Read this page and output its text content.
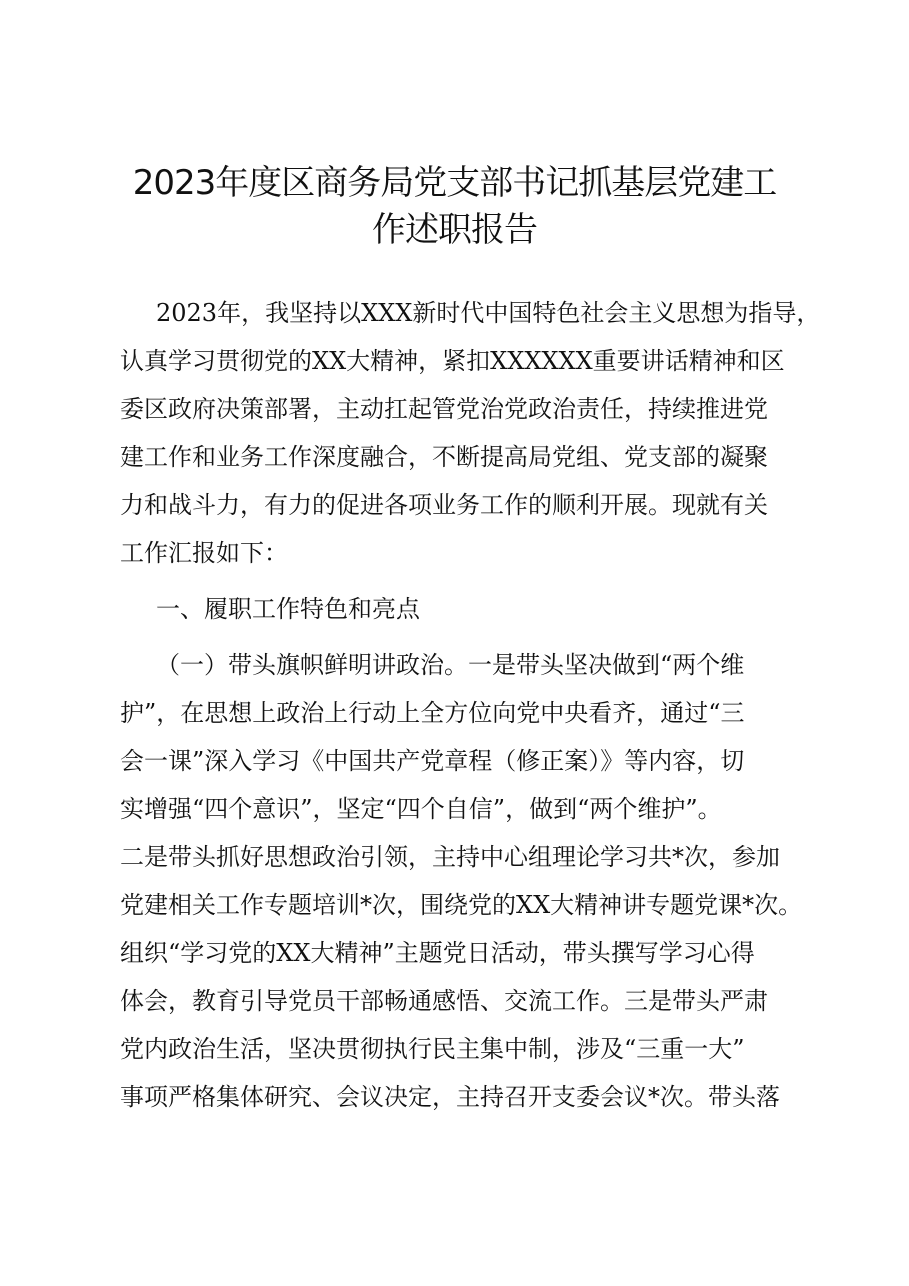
2023年度区商务局党支部书记抓基层党建工
作述职报告
2023年，我坚持以XXX新时代中国特色社会主义思想为指导，
认真学习贯彻党的XX大精神，紧扣XXXXXX重要讲话精神和区
委区政府决策部署，主动扛起管党治党政治责任，持续推进党
建工作和业务工作深度融合，不断提高局党组、党支部的凝聚
力和战斗力，有力的促进各项业务工作的顺利开展。现就有关
工作汇报如下：
一、履职工作特色和亮点
（一）带头旗帜鲜明讲政治。一是带头坚决做到“两个维
护”，在思想上政治上行动上全方位向党中央看齐，通过“三
会一课”深入学习《中国共产党章程（修正案）》等内容，切
实增强“四个意识”，坚定“四个自信”，做到“两个维护”。
二是带头抓好思想政治引领，主持中心组理论学习共*次，参加
党建相关工作专题培训*次，围绕党的XX大精神讲专题党课*次。
组织“学习党的XX大精神”主题党日活动，带头撰写学习心得
体会，教育引导党员干部畅通感悟、交流工作。三是带头严肃
党内政治生活，坚决贯彻执行民主集中制，涉及“三重一大”
事项严格集体研究、会议决定，主持召开支委会议*次。带头落
